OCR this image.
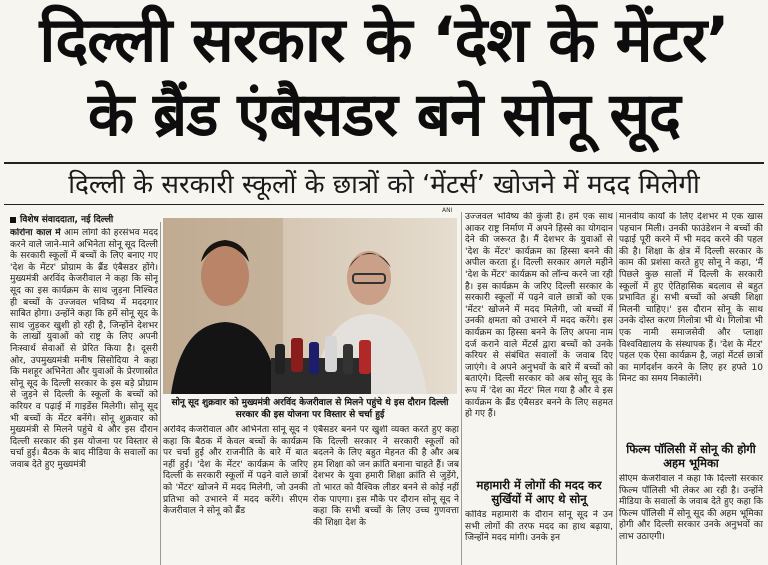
दिल्ली सरकार के ‘देश के मेंटर’
के ब्रैंड एंबैसडर बने सोनू सूद
दिल्ली के सरकारी स्कूलों के छात्रों को ‘मेंटर्स’ खोजने में मदद मिलेगी
विशेष संवाददाता, नई दिल्ली
ANI

कोरोना काल में आम लोगों की हरसंभव मदद करने वाले जाने-माने अभिनेता सोनू सूद दिल्ली के सरकारी स्कूलों में बच्चों के लिए बनाए गए 'देश के मेंटर' प्रोग्राम के ब्रैंड एंबैसडर होंगे। मुख्यमंत्री अरविंद केजरीवाल ने कहा कि सोनू सूद का इस कार्यक्रम के साथ जुड़ना निश्चित ही बच्चों के उज्जवल भविष्य में मददगार साबित होगा। उन्होंने कहा कि हमें सोनू सूद के साथ जुड़कर खुशी हो रही है, जिन्होंने देशभर के लाखों युवाओं को राष्ट्र के लिए अपनी निःस्वार्थ सेवाओं से प्रेरित किया है। दूसरी ओर, उपमुख्यमंत्री मनीष सिसोदिया ने कहा कि मशहूर अभिनेता और युवाओं के प्रेरणास्रोत सोनू सूद के दिल्ली सरकार के इस बड़े प्रोग्राम से जुड़ने से दिल्ली के स्कूलों के बच्चों को करियर व पढ़ाई में गाइडेंस मिलेगी। सोनू सूद भी बच्चों के मेंटर बनेंगे। सोनू शुक्रवार को मुख्यमंत्री से मिलने पहुंचे थे और इस दौरान दिल्ली सरकार की इस योजना पर विस्तार से चर्चा हुई। बैठक के बाद मीडिया के सवालों का जवाब देते हुए मुख्यमंत्री

सोनू सूद शुक्रवार को मुख्यमंत्री अरविंद केजरीवाल से मिलने पहुंचे थे इस दौरान दिल्ली सरकार की इस योजना पर विस्तार से चर्चा हुई

अरविंद केजरीवाल और अभिनेता सोनू सूद ने कहा कि बैठक में केवल बच्चों के कार्यक्रम पर चर्चा हुई और राजनीति के बारे में बात नहीं हुई। 'देश के मेंटर' कार्यक्रम के जरिए दिल्ली के सरकारी स्कूलों में पढ़ने वाले छात्रों को 'मेंटर' खोजने में मदद मिलेगी, जो उनकी प्रतिभा को उभारने में मदद करेंगे। सीएम केजरीवाल ने सोनू को ब्रैंड

एंबैसडर बनने पर खुशी व्यक्त करते हुए कहा कि दिल्ली सरकार ने सरकारी स्कूलों को बदलने के लिए बहुत मेहनत की है और अब हम शिक्षा को जन क्रांति बनाना चाहते हैं। जब देशभर के युवा हमारी शिक्षा क्रांति से जुड़ेंगे, तो भारत को वैश्विक लीडर बनने से कोई नहीं रोक पाएगा। इस मौके पर दौरान सोनू सूद ने कहा कि सभी बच्चों के लिए उच्च गुणवत्ता की शिक्षा देश के

उज्जवल भविष्य की कुंजी है। हमें एक साथ आकर राष्ट्र निर्माण में अपने हिस्से का योगदान देने की जरूरत है। मैं देशभर के युवाओं से 'देश के मेंटर' कार्यक्रम का हिस्सा बनने की अपील करता हूं। दिल्ली सरकार अगले महीने 'देश के मेंटर' कार्यक्रम को लॉन्च करने जा रही है। इस कार्यक्रम के जरिए दिल्ली सरकार के सरकारी स्कूलों में पढ़ने वाले छात्रों को एक 'मेंटर' खोजने में मदद मिलेगी, जो बच्चों में उनकी क्षमता को उभारने में मदद करेंगे। इस कार्यक्रम का हिस्सा बनने के लिए अपना नाम दर्ज कराने वाले मेंटर्स द्वारा बच्चों को उनके करियर से संबंधित सवालों के जवाब दिए जाएंगे। वे अपने अनुभवों के बारे में बच्चों को बताएंगे। दिल्ली सरकार को अब सोनू सूद के रूप में 'देश का मेंटर' मिल गया है और वे इस कार्यक्रम के ब्रैंड एंबैसडर बनने के लिए सहमत हो गए हैं।

महामारी में लोगों की मदद कर सुर्खियों में आए थे सोनू

कोविड महामारी के दौरान सोनू सूद ने उन सभी लोगों की तरफ मदद का हाथ बढ़ाया, जिन्होंने मदद मांगी। उनके इन

मानवीय कार्यों के लिए देशभर में एक खास पहचान मिली। उनकी फाउंडेशन ने बच्चों की पढ़ाई पूरी करने में भी मदद करने की पहल की है। शिक्षा के क्षेत्र में दिल्ली सरकार के काम की प्रशंसा करते हुए सोनू ने कहा, 'मैं पिछले कुछ सालों में दिल्ली के सरकारी स्कूलों में हुए ऐतिहासिक बदलाव से बहुत प्रभावित हूं। सभी बच्चों को अच्छी शिक्षा मिलनी चाहिए।' इस दौरान सोनू के साथ उनके दोस्त करण गिलोत्रा भी थे। गिलोत्रा भी एक नामी समाजसेवी और प्लाक्षा विश्वविद्यालय के संस्थापक हैं। 'देश के मेंटर' पहल एक ऐसा कार्यक्रम है, जहां मेंटर्स छात्रों का मार्गदर्शन करने के लिए हर हफ्ते 10 मिनट का समय निकालेंगे।

फिल्म पॉलिसी में सोनू की होगी अहम भूमिका

सीएम केजरीवाल ने कहा कि दिल्ली सरकार फिल्म पॉलिसी भी लेकर आ रही है। उन्होंने मीडिया के सवालों के जवाब देते हुए कहा कि फिल्म पॉलिसी में सोनू सूद की अहम भूमिका होगी और दिल्ली सरकार उनके अनुभवों का लाभ उठाएगी।
